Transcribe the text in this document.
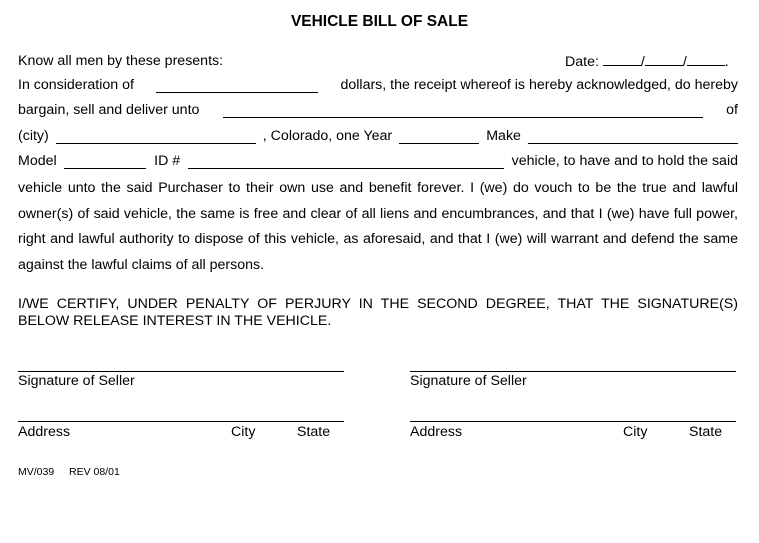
VEHICLE BILL OF SALE
Know all men by these presents:	Date:	/	/	.
In consideration of	dollars, the receipt whereof is hereby acknowledged, do hereby
bargain, sell and deliver unto	of
(city)	, Colorado, one Year	Make
Model	ID #	vehicle, to have and to hold the said
vehicle unto the said Purchaser to their own use and benefit forever. I (we) do vouch to be the true and lawful owner(s) of said vehicle, the same is free and clear of all liens and encumbrances, and that I (we) have full power, right and lawful authority to dispose of this vehicle, as aforesaid, and that I (we) will warrant and defend the same against the lawful claims of all persons.
I/WE CERTIFY, UNDER PENALTY OF PERJURY IN THE SECOND DEGREE, THAT THE SIGNATURE(S) BELOW RELEASE INTEREST IN THE VEHICLE.
Signature of Seller
Address	City	State
Signature of Seller
Address	City	State
MV/039 REV 08/01
